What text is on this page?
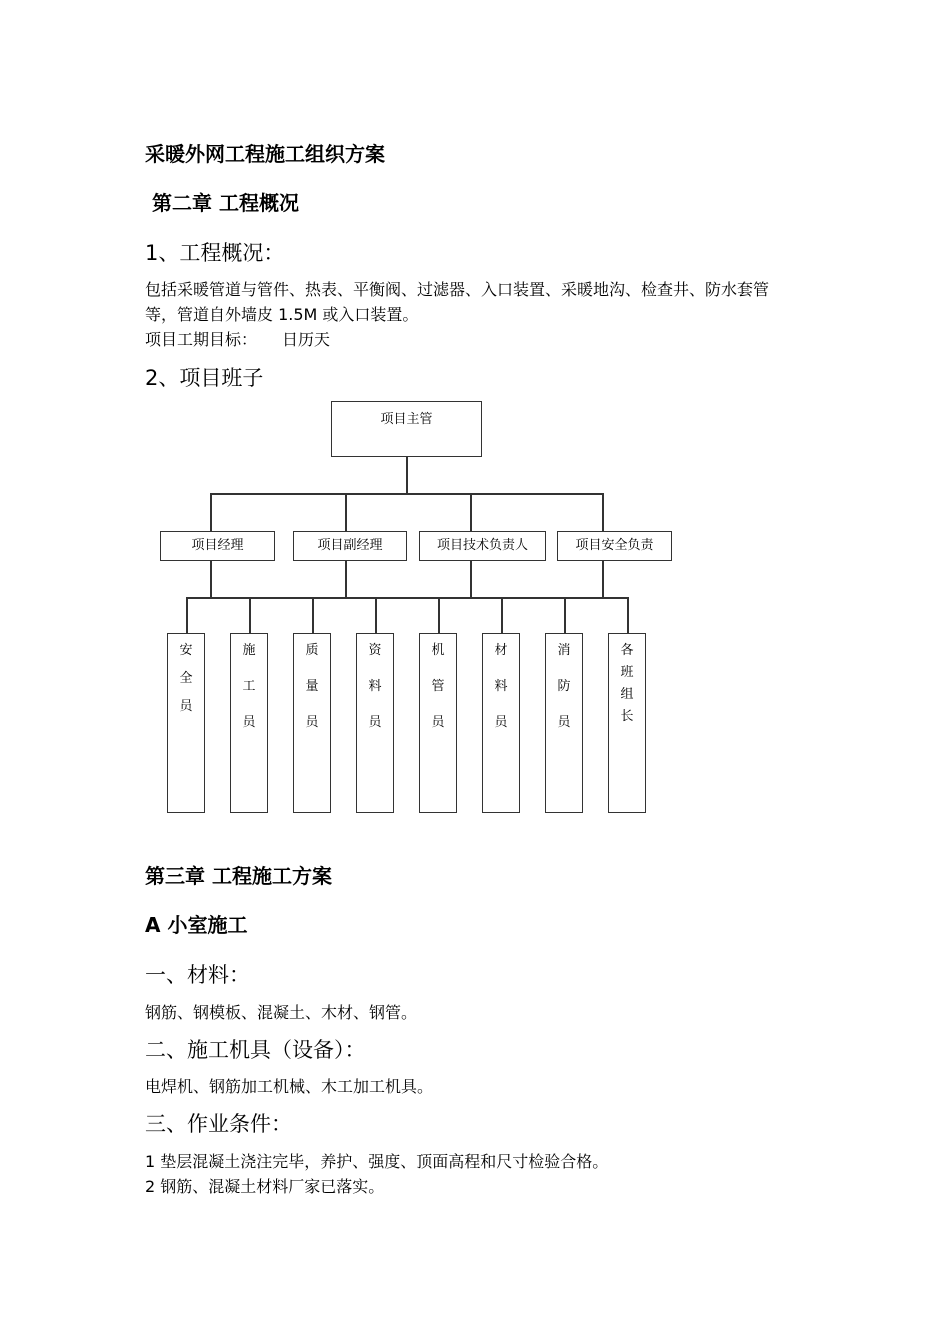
采暖外网工程施工组织方案
第二章 工程概况
1、工程概况：
包括采暖管道与管件、热表、平衡阀、过滤器、入口装置、采暖地沟、检查井、防水套管
等，管道自外墙皮 1.5M 或入口装置。
项目工期目标： 日历天
2、项目班子
项目主管
项目经理	项目副经理	项目技术负责人	项目安全负责
安
全
员
施
工
员
质
量
员
资
料
员
机
管
员
材
料
员
消
防
员
各
班
组
长
第三章 工程施工方案
A 小室施工
一、材料：
钢筋、钢模板、混凝土、木材、钢管。
二、施工机具（设备）：
电焊机、钢筋加工机械、木工加工机具。
三、作业条件：
1 垫层混凝土浇注完毕，养护、强度、顶面高程和尺寸检验合格。
2 钢筋、混凝土材料厂家已落实。
